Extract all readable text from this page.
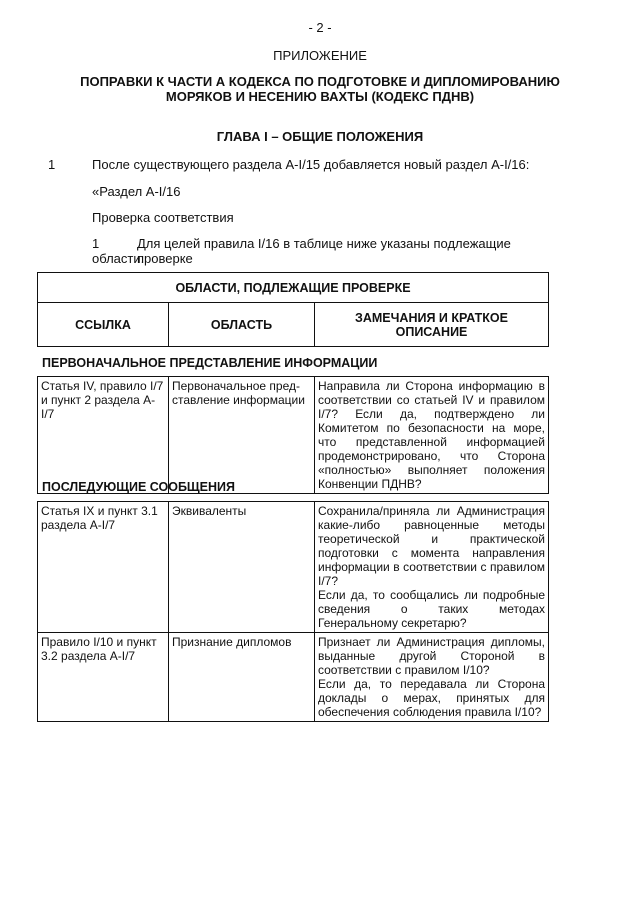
- 2 -
ПРИЛОЖЕНИЕ
ПОПРАВКИ К ЧАСТИ А КОДЕКСА ПО ПОДГОТОВКЕ И ДИПЛОМИРОВАНИЮ
МОРЯКОВ И НЕСЕНИЮ ВАХТЫ (КОДЕКС ПДНВ)
ГЛАВА I – ОБЩИЕ ПОЛОЖЕНИЯ
1	После существующего раздела A-I/15 добавляется новый раздел A-I/16:
«Раздел A-I/16
Проверка соответствия
1	Для целей правила I/16 в таблице ниже указаны подлежащие проверке
области:
ОБЛАСТИ, ПОДЛЕЖАЩИЕ ПРОВЕРКЕ
ССЫЛКА	ОБЛАСТЬ	ЗАМЕЧАНИЯ И КРАТКОЕ ОПИСАНИЕ
ПЕРВОНАЧАЛЬНОЕ ПРЕДСТАВЛЕНИЕ ИНФОРМАЦИИ
Статья IV, правило I/7 и пункт 2 раздела A-I/7	Первоначальное пред-ставление информации	Направила ли Сторона информацию в соответствии со статьей IV и правилом I/7? Если да, подтверждено ли Комитетом по безопасности на море, что представленной информацией продемонстрировано, что Сторона «полностью» выполняет положения Конвенции ПДНВ?
ПОСЛЕДУЮЩИЕ СООБЩЕНИЯ
Статья IX и пункт 3.1 раздела A-I/7	Эквиваленты	Сохранила/приняла ли Администрация какие-либо равноценные методы теоретической и практической подготовки с момента направления информации в соответствии с правилом I/7?
Если да, то сообщались ли подробные сведения о таких методах Генеральному секретарю?

Правило I/10 и пункт 3.2 раздела A-I/7	Признание дипломов	Признает ли Администрация дипломы, выданные другой Стороной в соответствии с правилом I/10?
Если да, то передавала ли Сторона доклады о мерах, принятых для обеспечения соблюдения правила I/10?
